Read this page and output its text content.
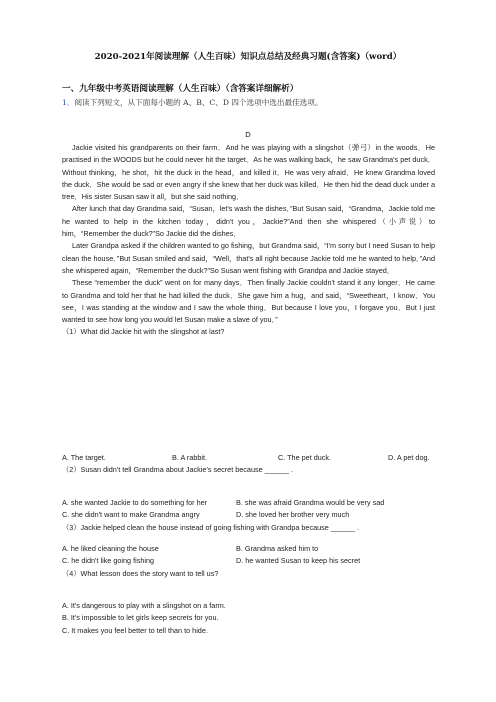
2020-2021年阅读理解（人生百味）知识点总结及经典习题(含答案)（word）
一、九年级中考英语阅读理解（人生百味）（含答案详细解析）
1．阅读下列短文，从下面每小题的 A、B、C、D 四个选项中选出最佳选项。
D

Jackie visited his grandparents on their farm．And he was playing with a slingshot（弹弓）in the woods．He practised in the WOODS but he could never hit the target．As he was walking back，he saw Grandma's pet duck．Without thinking，he shot，hit the duck in the head，and killed it．He was very afraid．He knew Grandma loved the duck．She would be sad or even angry if she knew that her duck was killed．He then hid the dead duck under a tree．His sister Susan saw it all，but she said nothing．

After lunch that day Grandma said，“Susan，let's wash the dishes．”But Susan said，“Grandma，Jackie told me he wanted to help in the kitchen today，didn't you，Jackie?”And then she whispered（小声说）to him，“Remember the duck?”So Jackie did the dishes．

Later Grandpa asked if the children wanted to go fishing，but Grandma said，“I'm sorry but I need Susan to help clean the house．”But Susan smiled and said，“Well，that's all right because Jackie told me he wanted to help．”And she whispered again，“Remember the duck?”So Susan went fishing with Grandpa and Jackie stayed．

These “remember the duck” went on for many days．Then finally Jackie couldn't stand it any longer．He came to Grandma and told her that he had killed the duck．She gave him a hug，and said，“Sweetheart，I know．You see，I was standing at the window and I saw the whole thing．But because I love you，I forgave you．But I just wanted to see how long you would let Susan make a slave of you．”

（1）What did Jackie hit with the slingshot at last?

A. The target.	B. A rabbit.	C. The pet duck.	D. A pet dog.

（2）Susan didn't tell Grandma about Jackie's secret because ______ .

A. she wanted Jackie to do something for her	B. she was afraid Grandma would be very sad
C. she didn't want to make Grandma angry	D. she loved her brother very much

（3）Jackie helped clean the house instead of going fishing with Grandpa because ______ .

A. he liked cleaning the house	B. Grandma asked him to
C. he didn't like going fishing	D. he wanted Susan to keep his secret

（4）What lesson does the story want to tell us?

A. It's dangerous to play with a slingshot on a farm.

B. It's impossible to let girls keep secrets for you.

C. It makes you feel better to tell than to hide.
